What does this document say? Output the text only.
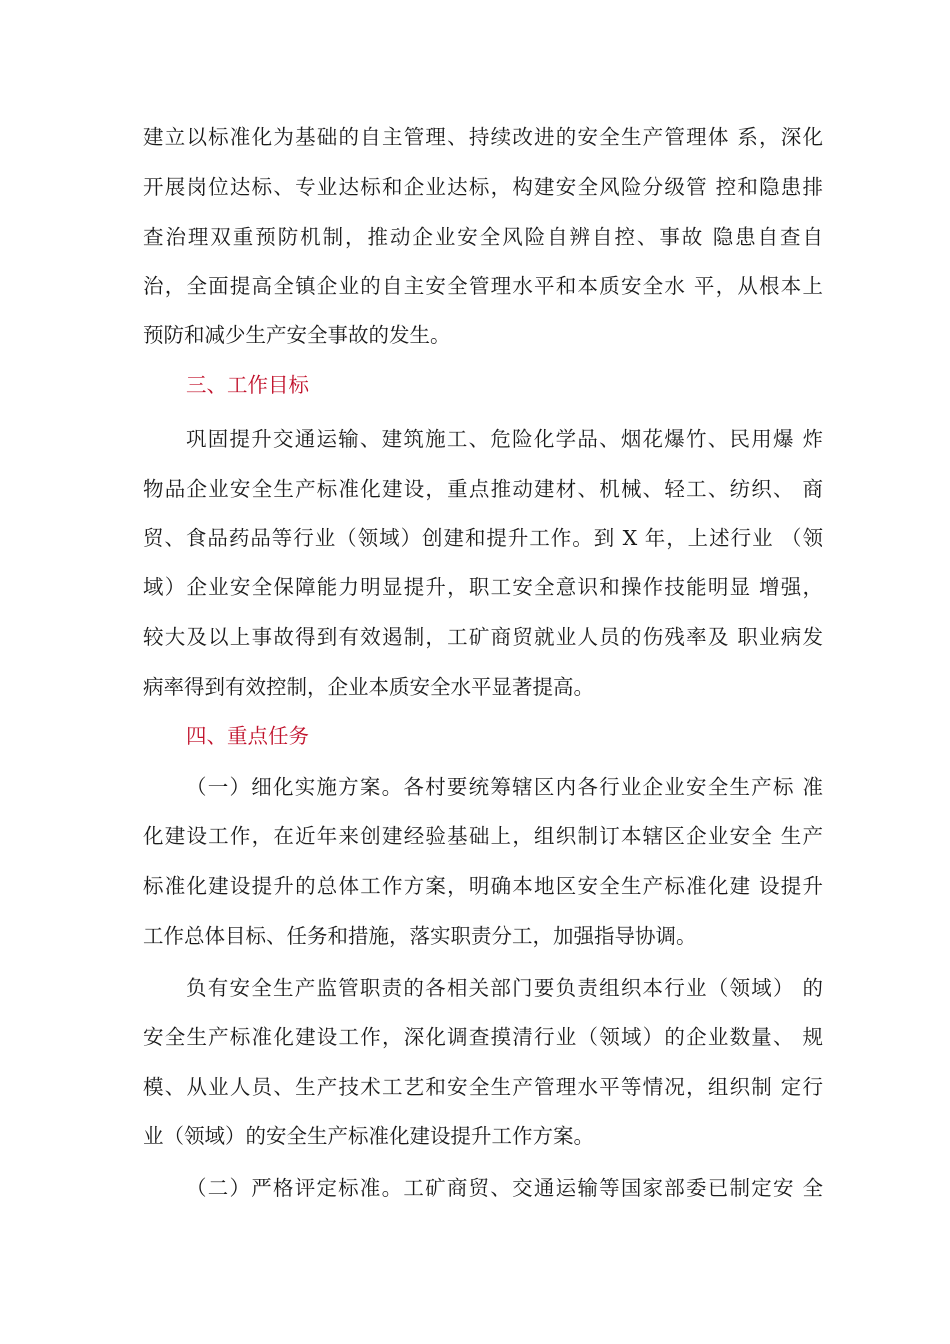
建立以标准化为基础的自主管理、持续改进的安全生产管理体 系，深化
开展岗位达标、专业达标和企业达标，构建安全风险分级管 控和隐患排
查治理双重预防机制，推动企业安全风险自辨自控、事故 隐患自查自
治，全面提高全镇企业的自主安全管理水平和本质安全水 平，从根本上
预防和减少生产安全事故的发生。
三、工作目标
巩固提升交通运输、建筑施工、危险化学品、烟花爆竹、民用爆 炸
物品企业安全生产标准化建设，重点推动建材、机械、轻工、纺织、 商
贸、食品药品等行业（领域）创建和提升工作。到 X 年，上述行业 （领
域）企业安全保障能力明显提升，职工安全意识和操作技能明显 增强，
较大及以上事故得到有效遏制，工矿商贸就业人员的伤残率及 职业病发
病率得到有效控制，企业本质安全水平显著提高。
四、重点任务
（一）细化实施方案。各村要统筹辖区内各行业企业安全生产标 准
化建设工作，在近年来创建经验基础上，组织制订本辖区企业安全 生产
标准化建设提升的总体工作方案，明确本地区安全生产标准化建 设提升
工作总体目标、任务和措施，落实职责分工，加强指导协调。
负有安全生产监管职责的各相关部门要负责组织本行业（领域） 的
安全生产标准化建设工作，深化调查摸清行业（领域）的企业数量、 规
模、从业人员、生产技术工艺和安全生产管理水平等情况，组织制 定行
业（领域）的安全生产标准化建设提升工作方案。
（二）严格评定标准。工矿商贸、交通运输等国家部委已制定安 全
